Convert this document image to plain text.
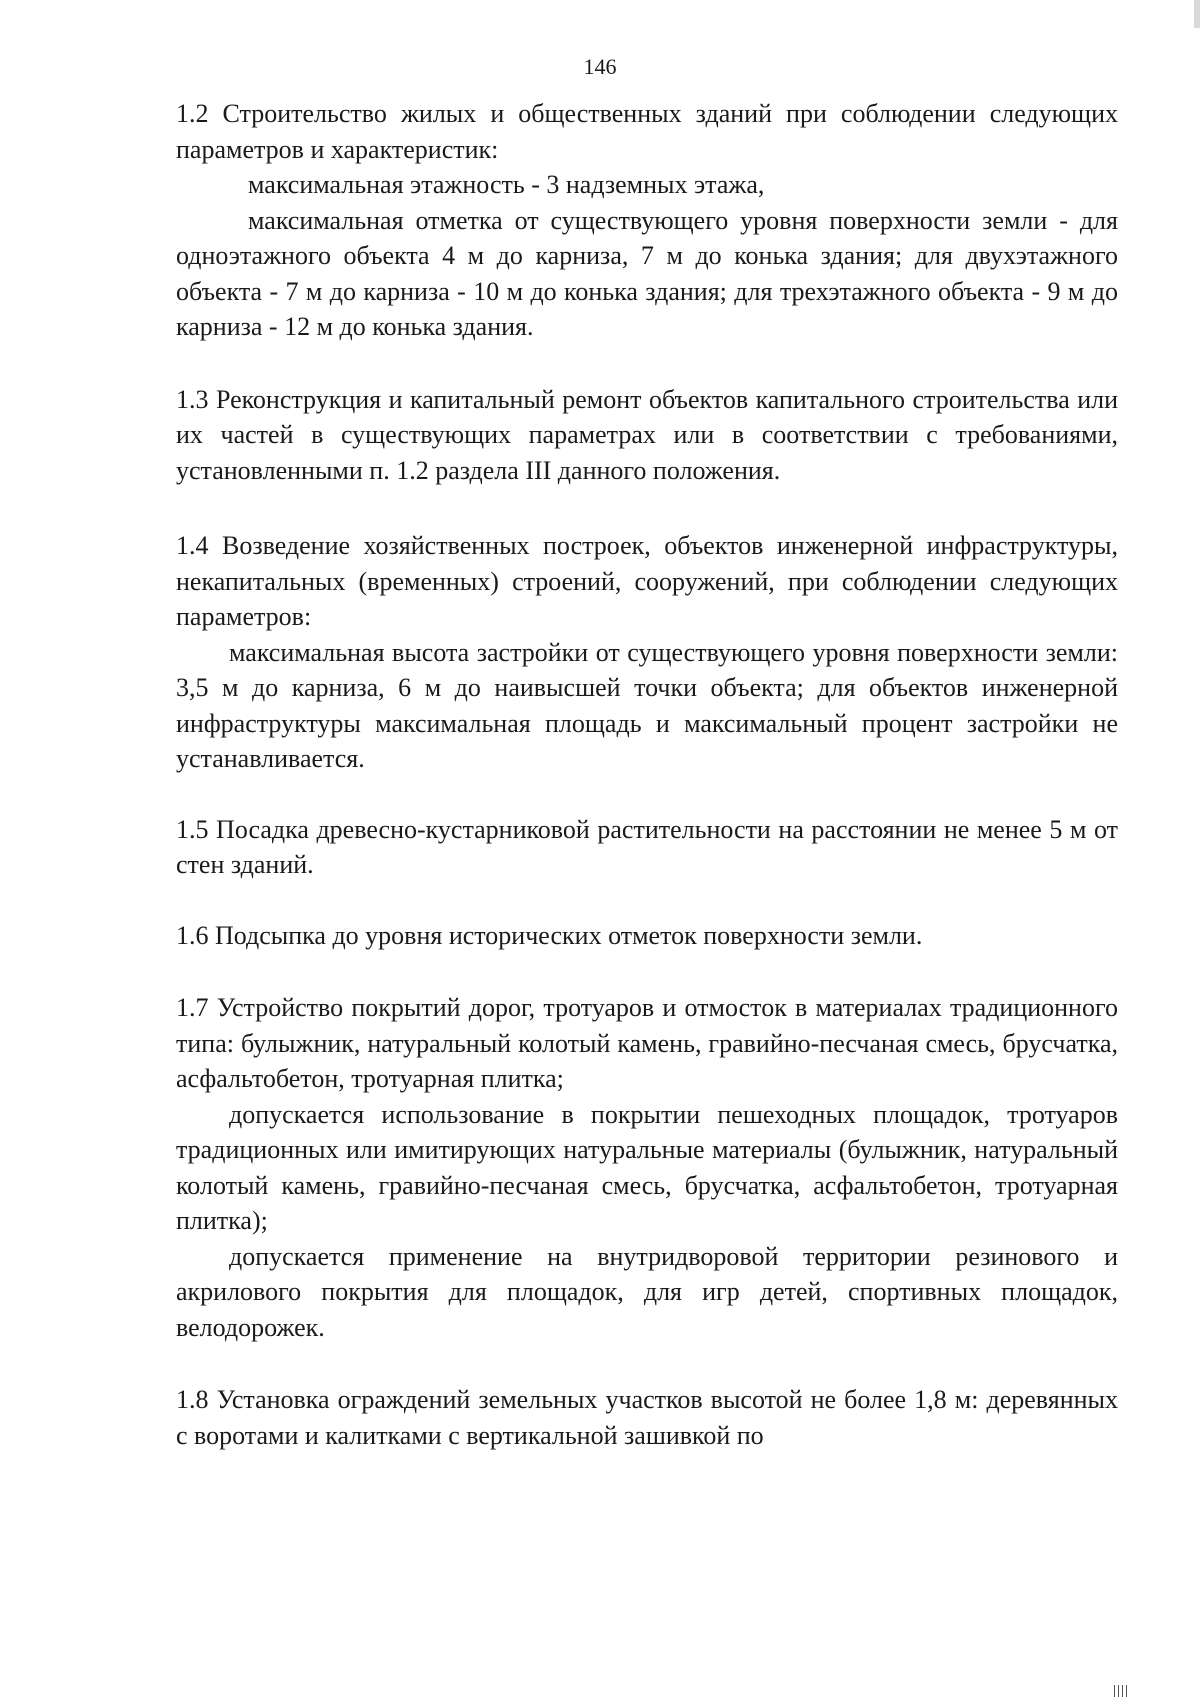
146

1.2 Строительство жилых и общественных зданий при соблюдении следующих параметров и характеристик:

максимальная этажность - 3 надземных этажа,

максимальная отметка от существующего уровня поверхности земли - для одноэтажного объекта 4 м до карниза, 7 м до конька здания; для двухэтажного объекта - 7 м до карниза - 10 м до конька здания; для трехэтажного объекта - 9 м до карниза - 12 м до конька здания.

1.3 Реконструкция и капитальный ремонт объектов капитального строительства или их частей в существующих параметрах или в соответствии с требованиями, установленными п. 1.2 раздела III данного положения.

1.4 Возведение хозяйственных построек, объектов инженерной инфраструктуры, некапитальных (временных) строений, сооружений, при соблюдении следующих параметров:

максимальная высота застройки от существующего уровня поверхности земли: 3,5 м до карниза, 6 м до наивысшей точки объекта; для объектов инженерной инфраструктуры максимальная площадь и максимальный процент застройки не устанавливается.

1.5 Посадка древесно-кустарниковой растительности на расстоянии не менее 5 м от стен зданий.

1.6 Подсыпка до уровня исторических отметок поверхности земли.

1.7 Устройство покрытий дорог, тротуаров и отмосток в материалах традиционного типа: булыжник, натуральный колотый камень, гравийно-песчаная смесь, брусчатка, асфальтобетон, тротуарная плитка;

допускается использование в покрытии пешеходных площадок, тротуаров традиционных или имитирующих натуральные материалы (булыжник, натуральный колотый камень, гравийно-песчаная смесь, брусчатка, асфальтобетон, тротуарная плитка);

допускается применение на внутридворовой территории резинового и акрилового покрытия для площадок, для игр детей, спортивных площадок, велодорожек.

1.8 Установка ограждений земельных участков высотой не более 1,8 м: деревянных с воротами и калитками с вертикальной зашивкой по
